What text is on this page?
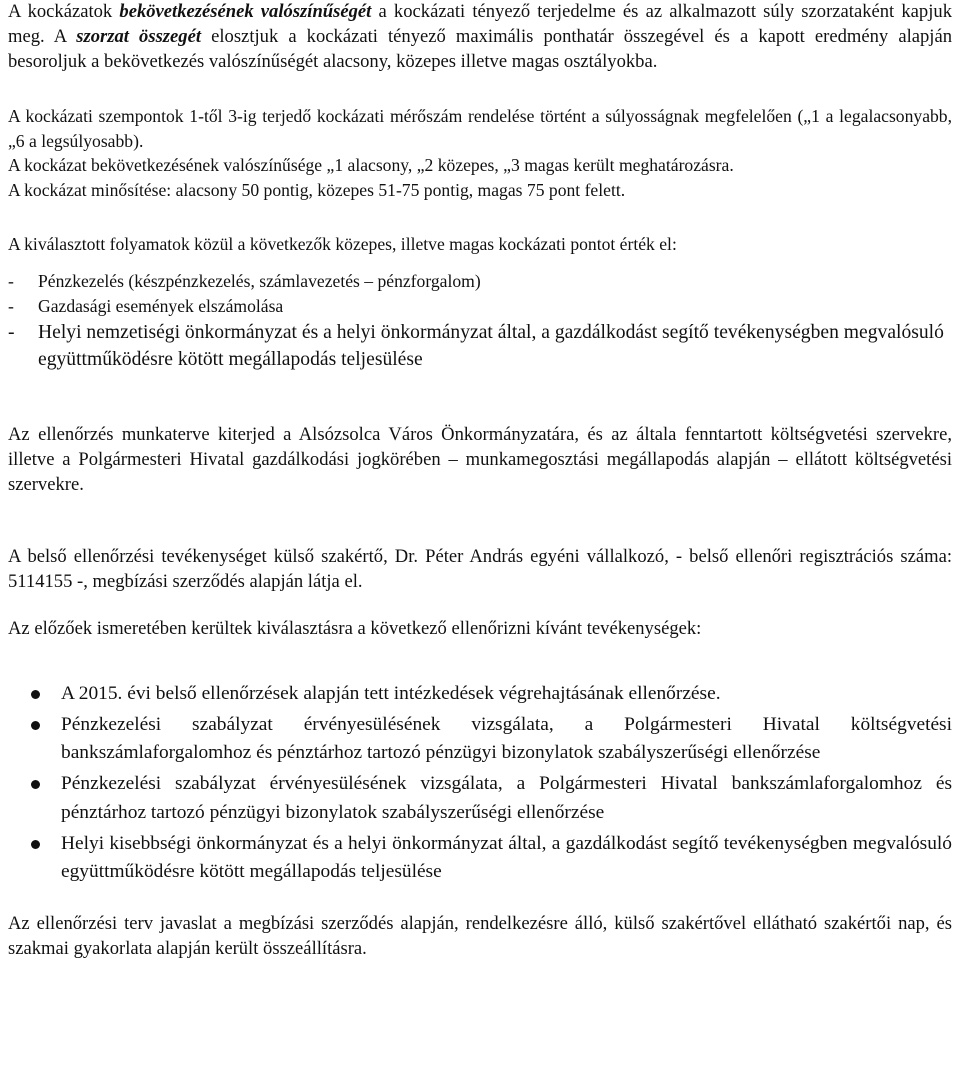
A kockázatok bekövetkezésének valószínűségét a kockázati tényező terjedelme és az alkalmazott súly szorzataként kapjuk meg. A szorzat összegét elosztjuk a kockázati tényező maximális ponthatár összegével és a kapott eredmény alapján besoroljuk a bekövetkezés valószínűségét alacsony, közepes illetve magas osztályokba.

A kockázati szempontok 1-től 3-ig terjedő kockázati mérőszám rendelése történt a súlyosságnak megfelelően („1 a legalacsonyabb, „6 a legsúlyosabb).

A kockázat bekövetkezésének valószínűsége „1 alacsony, „2 közepes, „3 magas került meghatározásra.

A kockázat minősítése: alacsony 50 pontig, közepes 51-75 pontig, magas 75 pont felett.

A kiválasztott folyamatok közül a következők közepes, illetve magas kockázati pontot érték el:

-	Pénzkezelés (készpénzkezelés, számlavezetés – pénzforgalom)
-	Gazdasági események elszámolása
-	Helyi nemzetiségi önkormányzat és a helyi önkormányzat által, a gazdálkodást segítő tevékenységben megvalósuló együttműködésre kötött megállapodás teljesülése

Az ellenőrzés munkaterve kiterjed a Alsózsolca Város Önkormányzatára, és az általa fenntartott költségvetési szervekre, illetve a Polgármesteri Hivatal gazdálkodási jogkörében – munkamegosztási megállapodás alapján – ellátott költségvetési szervekre.

A belső ellenőrzési tevékenységet külső szakértő, Dr. Péter András egyéni vállalkozó, - belső ellenőri regisztrációs száma: 5114155 -, megbízási szerződés alapján látja el.

Az előzőek ismeretében kerültek kiválasztásra a következő ellenőrizni kívánt tevékenységek:

A 2015. évi belső ellenőrzések alapján tett intézkedések végrehajtásának ellenőrzése.
Pénzkezelési szabályzat érvényesülésének vizsgálata, a Polgármesteri Hivatal költségvetési bankszámlaforgalomhoz és pénztárhoz tartozó pénzügyi bizonylatok szabályszerűségi ellenőrzése
Pénzkezelési szabályzat érvényesülésének vizsgálata, a Polgármesteri Hivatal bankszámlaforgalomhoz és pénztárhoz tartozó pénzügyi bizonylatok szabályszerűségi ellenőrzése
Helyi kisebbségi önkormányzat és a helyi önkormányzat által, a gazdálkodást segítő tevékenységben megvalósuló együttműködésre kötött megállapodás teljesülése

Az ellenőrzési terv javaslat a megbízási szerződés alapján, rendelkezésre álló, külső szakértővel ellátható szakértői nap, és szakmai gyakorlata alapján került összeállításra.
